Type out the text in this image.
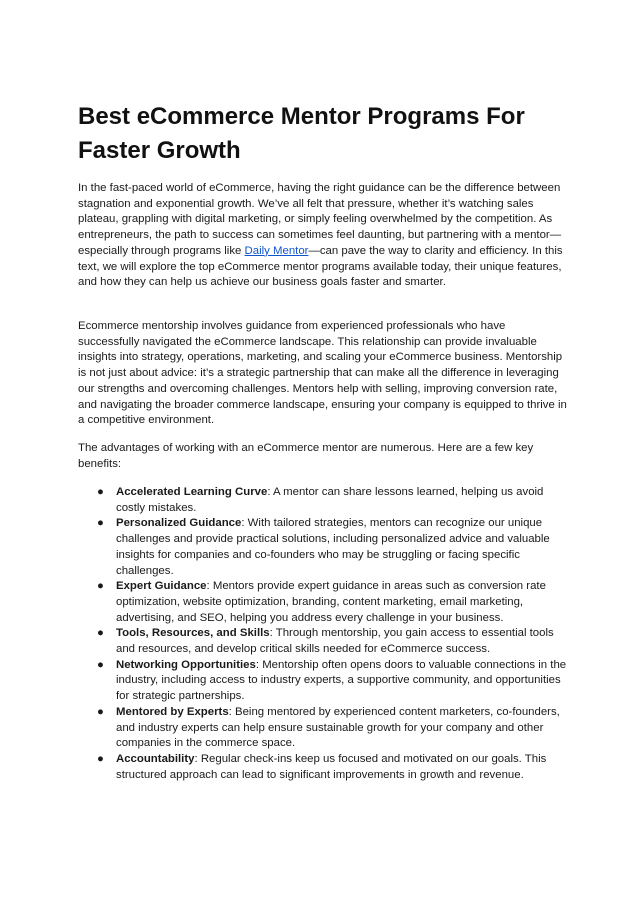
Best eCommerce Mentor Programs For Faster Growth

In the fast-paced world of eCommerce, having the right guidance can be the difference between stagnation and exponential growth. We’ve all felt that pressure, whether it’s watching sales plateau, grappling with digital marketing, or simply feeling overwhelmed by the competition. As entrepreneurs, the path to success can sometimes feel daunting, but partnering with a mentor—especially through programs like Daily Mentor—can pave the way to clarity and efficiency. In this text, we will explore the top eCommerce mentor programs available today, their unique features, and how they can help us achieve our business goals faster and smarter.

Ecommerce mentorship involves guidance from experienced professionals who have successfully navigated the eCommerce landscape. This relationship can provide invaluable insights into strategy, operations, marketing, and scaling your eCommerce business. Mentorship is not just about advice: it’s a strategic partnership that can make all the difference in leveraging our strengths and overcoming challenges. Mentors help with selling, improving conversion rate, and navigating the broader commerce landscape, ensuring your company is equipped to thrive in a competitive environment.

The advantages of working with an eCommerce mentor are numerous. Here are a few key benefits:

● Accelerated Learning Curve: A mentor can share lessons learned, helping us avoid costly mistakes.
● Personalized Guidance: With tailored strategies, mentors can recognize our unique challenges and provide practical solutions, including personalized advice and valuable insights for companies and co-founders who may be struggling or facing specific challenges.
● Expert Guidance: Mentors provide expert guidance in areas such as conversion rate optimization, website optimization, branding, content marketing, email marketing, advertising, and SEO, helping you address every challenge in your business.
● Tools, Resources, and Skills: Through mentorship, you gain access to essential tools and resources, and develop critical skills needed for eCommerce success.
● Networking Opportunities: Mentorship often opens doors to valuable connections in the industry, including access to industry experts, a supportive community, and opportunities for strategic partnerships.
● Mentored by Experts: Being mentored by experienced content marketers, co-founders, and industry experts can help ensure sustainable growth for your company and other companies in the commerce space.
● Accountability: Regular check-ins keep us focused and motivated on our goals. This structured approach can lead to significant improvements in growth and revenue.
